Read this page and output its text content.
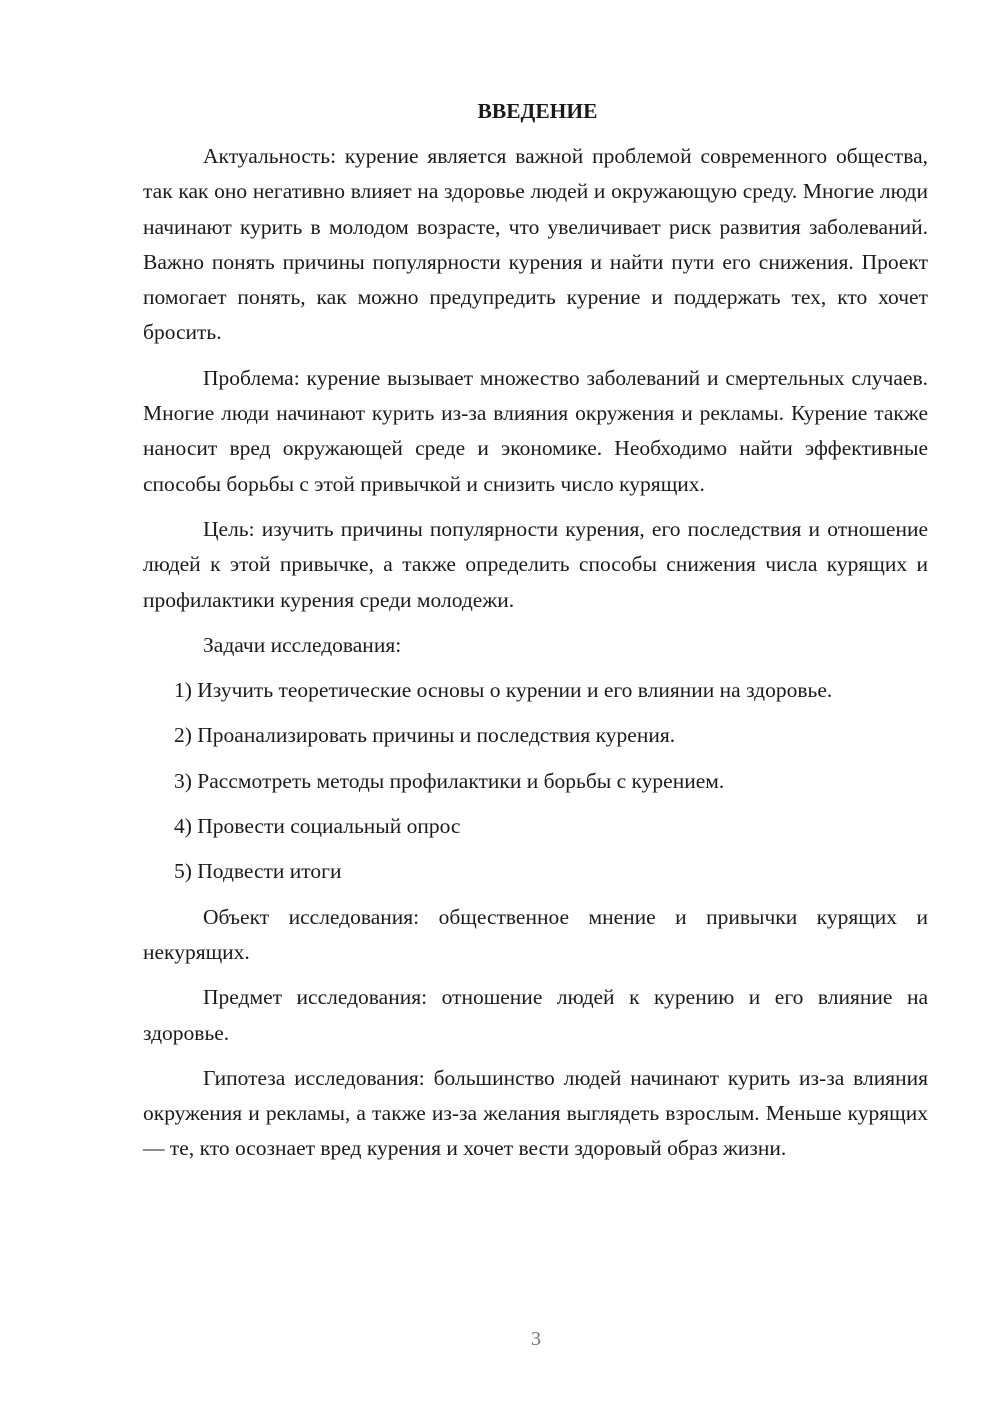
ВВЕДЕНИЕ

Актуальность: курение является важной проблемой современного общества, так как оно негативно влияет на здоровье людей и окружающую среду. Многие люди начинают курить в молодом возрасте, что увеличивает риск развития заболеваний. Важно понять причины популярности курения и найти пути его снижения. Проект помогает понять, как можно предупредить курение и поддержать тех, кто хочет бросить.

Проблема: курение вызывает множество заболеваний и смертельных случаев. Многие люди начинают курить из-за влияния окружения и рекламы. Курение также наносит вред окружающей среде и экономике. Необходимо найти эффективные способы борьбы с этой привычкой и снизить число курящих.

Цель: изучить причины популярности курения, его последствия и отношение людей к этой привычке, а также определить способы снижения числа курящих и профилактики курения среди молодежи.

Задачи исследования:

1) Изучить теоретические основы о курении и его влиянии на здоровье.

2) Проанализировать причины и последствия курения.

3) Рассмотреть методы профилактики и борьбы с курением.

4) Провести социальный опрос

5) Подвести итоги

Объект исследования: общественное мнение и привычки курящих и некурящих.

Предмет исследования: отношение людей к курению и его влияние на здоровье.

Гипотеза исследования: большинство людей начинают курить из-за влияния окружения и рекламы, а также из-за желания выглядеть взрослым. Меньше курящих — те, кто осознает вред курения и хочет вести здоровый образ жизни.

3
